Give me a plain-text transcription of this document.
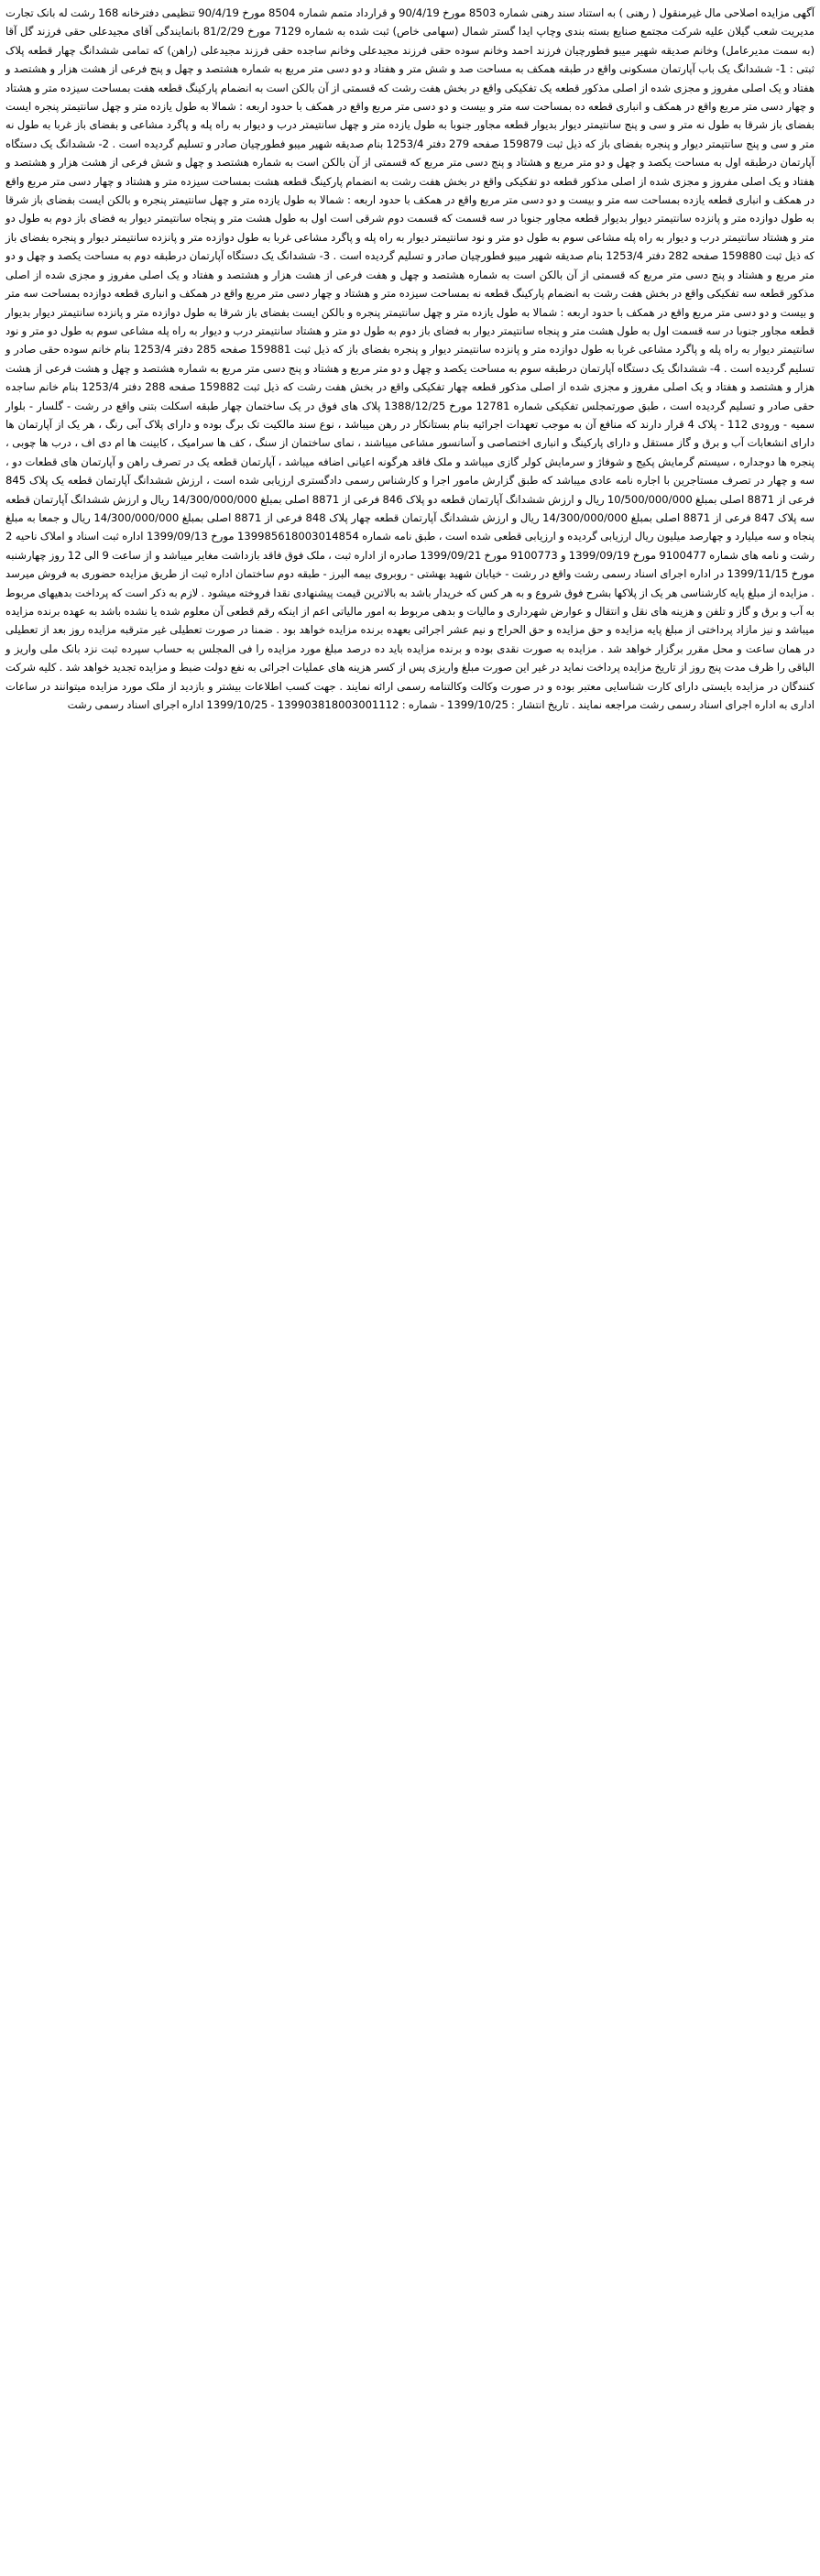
آگهی مزایده اصلاحی مال غیرمنقول ( رهنی ) به استناد سند رهنی شماره 8503 مورخ 90/4/19 و قرارداد متمم شماره 8504 مورخ 90/4/19 تنظیمی دفترخانه 168 رشت له بانک تجارت مدیریت شعب گیلان علیه شرکت مجتمع صنایع بسته بندی وچاپ ایدا گستر شمال (سهامی خاص) ثبت شده به شماره 7129 مورخ 81/2/29 بانمایندگی آقای مجیدعلی حقی فرزند گل آقا (به سمت مدیرعامل) وخانم صدیقه شهیر میبو فطورچیان فرزند احمد وخانم سوده حقی فرزند مجیدعلی وخانم ساجده حقی فرزند مجیدعلی (راهن) که تمامی ششدانگ چهار قطعه پلاک ثبتی : 1- ششدانگ یک باب آپارتمان مسکونی واقع در طبقه همکف به مساحت صد و شش متر و هفتاد و دو دسی متر مربع به شماره هشتصد و چهل و پنج فرعی از هشت هزار و هشتصد و هفتاد و یک اصلی مفروز و مجزی شده از اصلی مذکور قطعه یک تفکیکی واقع در بخش هفت رشت که قسمتی از آن بالکن است به انضمام پارکینگ قطعه هفت بمساحت سیزده متر و هشتاد و چهار دسی متر مربع واقع در همکف و انباری قطعه ده بمساحت سه متر و بیست و دو دسی متر مربع واقع در همکف با حدود اربعه : شمالا به طول یازده متر و چهل سانتیمتر پنجره ایست بفضای باز شرقا به طول نه متر و سی و پنج سانتیمتر دیوار بدیوار قطعه مجاور جنوبا به طول یازده متر و چهل سانتیمتر درب و دیوار به راه پله و پاگرد مشاعی و بفضای باز غربا به طول نه متر و سی و پنج سانتیمتر دیوار و پنجره بفضای باز که ذیل ثبت 159879 صفحه 279 دفتر 1253/4 بنام صدیقه شهیر میبو فطورچیان صادر و تسلیم گردیده است . 2- ششدانگ یک دستگاه آپارتمان درطبقه اول به مساحت یکصد و چهل و دو متر مربع و هشتاد و پنج دسی متر مربع که قسمتی از آن بالکن است به شماره هشتصد و چهل و شش فرعی از هشت هزار و هشتصد و هفتاد و یک اصلی مفروز و مجزی شده از اصلی مذکور قطعه دو تفکیکی واقع در بخش هفت رشت به انضمام پارکینگ قطعه هشت بمساحت سیزده متر و هشتاد و چهار دسی متر مربع واقع در همکف و انباری قطعه یازده بمساحت سه متر و بیست و دو دسی متر مربع واقع در همکف با حدود اربعه : شمالا به طول یازده متر و چهل سانتیمتر پنجره و بالکن ایست بفضای باز شرقا به طول دوازده متر و پانزده سانتیمتر دیوار بدیوار قطعه مجاور جنوبا در سه قسمت که قسمت دوم شرقی است اول به طول هشت متر و پنجاه سانتیمتر دیوار به فضای باز دوم به طول دو متر و هشتاد سانتیمتر درب و دیوار به راه پله مشاعی سوم به طول دو متر و نود سانتیمتر دیوار به راه پله و پاگرد مشاعی غربا به طول دوازده متر و پانزده سانتیمتر دیوار و پنجره بفضای باز که ذیل ثبت 159880 صفحه 282 دفتر 1253/4 بنام صدیقه شهیر میبو فطورچیان صادر و تسلیم گردیده است . 3- ششدانگ یک دستگاه آپارتمان درطبقه دوم به مساحت یکصد و چهل و دو متر مربع و هشتاد و پنج دسی متر مربع که قسمتی از آن بالکن است به شماره هشتصد و چهل و هفت فرعی از هشت هزار و هشتصد و هفتاد و یک اصلی مفروز و مجزی شده از اصلی مذکور قطعه سه تفکیکی واقع در بخش هفت رشت به انضمام پارکینگ قطعه نه بمساحت سیزده متر و هشتاد و چهار دسی متر مربع واقع در همکف و انباری قطعه دوازده بمساحت سه متر و بیست و دو دسی متر مربع واقع در همکف با حدود اربعه : شمالا به طول یازده متر و چهل سانتیمتر پنجره و بالکن ایست بفضای باز شرقا به طول دوازده متر و پانزده سانتیمتر دیوار بدیوار قطعه مجاور جنوبا در سه قسمت اول به طول هشت متر و پنجاه سانتیمتر دیوار به فضای باز دوم به طول دو متر و هشتاد سانتیمتر درب و دیوار به راه پله مشاعی سوم به طول دو متر و نود سانتیمتر دیوار به راه پله و پاگرد مشاعی غربا به طول دوازده متر و پانزده سانتیمتر دیوار و پنجره بفضای باز که ذیل ثبت 159881 صفحه 285 دفتر 1253/4 بنام خانم سوده حقی صادر و تسلیم گردیده است . 4- ششدانگ یک دستگاه آپارتمان درطبقه سوم به مساحت یکصد و چهل و دو متر مربع و هشتاد و پنج دسی متر مربع به شماره هشتصد و چهل و هشت فرعی از هشت هزار و هشتصد و هفتاد و یک اصلی مفروز و مجزی شده از اصلی مذکور قطعه چهار تفکیکی واقع در بخش هفت رشت که ذیل ثبت 159882 صفحه 288 دفتر 1253/4 بنام خانم ساجده حقی صادر و تسلیم گردیده است ، طبق صورتمجلس تفکیکی شماره 12781 مورخ 1388/12/25 پلاک های فوق در یک ساختمان چهار طبقه اسکلت بتنی واقع در رشت - گلسار - بلوار سمیه - ورودی 112 - پلاک 4 قرار دارند که منافع آن به موجب تعهدات اجرائیه بنام بستانکار در رهن میباشد ، نوع سند مالکیت تک برگ بوده و دارای پلاک آبی رنگ ، هر یک از آپارتمان ها دارای انشعابات آب و برق و گاز مستقل و دارای پارکینگ و انباری اختصاصی و آسانسور مشاعی میباشند ، نمای ساختمان از سنگ ، کف ها سرامیک ، کابینت ها ام دی اف ، درب ها چوبی ، پنجره ها دوجداره ، سیستم گرمایش پکیج و شوفاژ و سرمایش کولر گازی میباشد و ملک فاقد هرگونه اعیانی اضافه میباشد ، آپارتمان قطعه یک در تصرف راهن و آپارتمان های قطعات دو ، سه و چهار در تصرف مستاجرین با اجاره نامه عادی میباشد که طبق گزارش مامور اجرا و کارشناس رسمی دادگستری ارزیابی شده است ، ارزش ششدانگ آپارتمان قطعه یک پلاک 845 فرعی از 8871 اصلی بمبلغ 10/500/000/000 ریال و ارزش ششدانگ آپارتمان قطعه دو پلاک 846 فرعی از 8871 اصلی بمبلغ 14/300/000/000 ریال و ارزش ششدانگ آپارتمان قطعه سه پلاک 847 فرعی از 8871 اصلی بمبلغ 14/300/000/000 ریال و ارزش ششدانگ آپارتمان قطعه چهار پلاک 848 فرعی از 8871 اصلی بمبلغ 14/300/000/000 ریال و جمعا به مبلغ پنجاه و سه میلیارد و چهارصد میلیون ریال ارزیابی گردیده و ارزیابی قطعی شده است ، طبق نامه شماره 139985618003014854 مورخ 1399/09/13 اداره ثبت اسناد و املاک ناحیه 2 رشت و نامه های شماره 9100477 مورخ 1399/09/19 و 9100773 مورخ 1399/09/21 صادره از اداره ثبت ، ملک فوق فاقد بازداشت مغایر میباشد و از ساعت 9 الی 12 روز چهارشنبه مورخ 1399/11/15 در اداره اجرای اسناد رسمی رشت واقع در رشت - خیابان شهید بهشتی - روبروی بیمه البرز - طبقه دوم ساختمان اداره ثبت از طریق مزایده حضوری به فروش میرسد . مزایده از مبلغ پایه کارشناسی هر یک از پلاکها بشرح فوق شروع و به هر کس که خریدار باشد به بالاترین قیمت پیشنهادی نقدا فروخته میشود . لازم به ذکر است که پرداخت بدهیهای مربوط به آب و برق و گاز و تلفن و هزینه های نقل و انتقال و عوارض شهرداری و مالیات و بدهی مربوط به امور مالیاتی اعم از اینکه رقم قطعی آن معلوم شده یا نشده باشد به عهده برنده مزایده میباشد و نیز مازاد پرداختی از مبلغ پایه مزایده و حق مزایده و حق الحراج و نیم عشر اجرائی بعهده برنده مزایده خواهد بود . ضمنا در صورت تعطیلی غیر مترقبه مزایده روز بعد از تعطیلی در همان ساعت و محل مقرر برگزار خواهد شد . مزایده به صورت نقدی بوده و برنده مزایده باید ده درصد مبلغ مورد مزایده را فی المجلس به حساب سپرده ثبت نزد بانک ملی واریز و الباقی را ظرف مدت پنج روز از تاریخ مزایده پرداخت نماید در غیر این صورت مبلغ واریزی پس از کسر هزینه های عملیات اجرائی به نفع دولت ضبط و مزایده تجدید خواهد شد . کلیه شرکت کنندگان در مزایده بایستی دارای کارت شناسایی معتبر بوده و در صورت وکالت وکالتنامه رسمی ارائه نمایند . جهت کسب اطلاعات بیشتر و بازدید از ملک مورد مزایده میتوانند در ساعات اداری به اداره اجرای اسناد رسمی رشت مراجعه نمایند . تاریخ انتشار : 1399/10/25 - شماره : 139903818003001112 - 1399/10/25 اداره اجرای اسناد رسمی رشت
